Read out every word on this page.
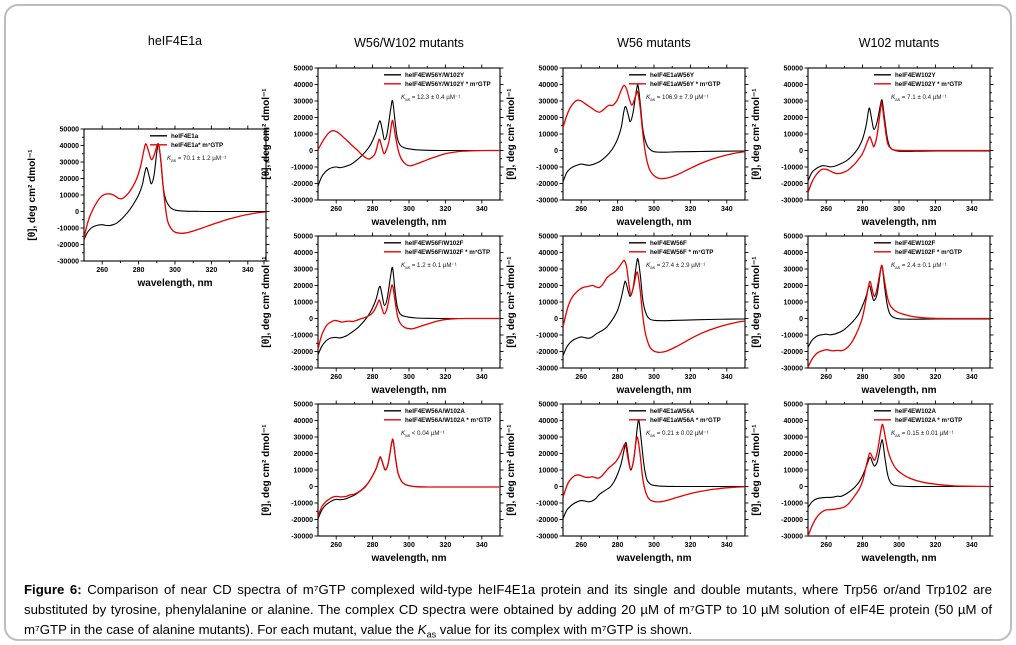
heIF4E1a	W56/W102 mutants	W56 mutants	W102 mutants
260	280	300	320	340
-30000
-20000
-10000
0
10000
20000
30000
40000
50000
wavelength, nm
[θ], deg cm² dmol⁻¹
heIF4E1a
heIF4E1a* m⁷GTP
$K_{as} = 70.1 \pm 1.2$ µM⁻¹
260	280	300	320	340
-30000
-20000
-10000
0
10000
20000
30000
40000
50000
wavelength, nm
[θ], deg cm² dmol⁻¹
heIF4EW56Y/W102Y
heIF4EW56Y/W102Y * m⁷GTP
$K_{as} = 12.3 \pm 0.4$ µM⁻¹
260	280	300	320	340
-30000
-20000
-10000
0
10000
20000
30000
40000
50000
wavelength, nm
[θ], deg cm² dmol⁻¹
heIF4EW56F/W102F
heIF4EW56F/W102F * m⁷GTP
$K_{as} = 1.2 \pm 0.1$ µM⁻¹
260	280	300	320	340
-30000
-20000
-10000
0
10000
20000
30000
40000
50000
wavelength, nm
[θ], deg cm² dmol⁻¹
heIF4EW56A/W102A
heIF4EW56A/W102A * m⁷GTP
$K_{as} < 0.04$ µM⁻¹
260	280	300	320	340
-30000
-20000
-10000
0
10000
20000
30000
40000
50000
wavelength, nm
[θ], deg cm² dmol⁻¹
heIF4E1aW56Y
heIF4E1aW56Y * m⁷GTP
$K_{as} = 106.9 \pm 7.9$ µM⁻¹
260	280	300	320	340
-30000
-20000
-10000
0
10000
20000
30000
40000
50000
wavelength, nm
[θ], deg cm² dmol⁻¹
heIF4EW56F
heIF4EW56F * m⁷GTP
$K_{as} = 27.4 \pm 2.9$ µM⁻¹
260	280	300	320	340
-30000
-20000
-10000
0
10000
20000
30000
40000
50000
wavelength, nm
[θ], deg cm² dmol⁻¹
heIF4E1aW56A
heIF4E1aW56A * m⁷GTP
$K_{as} = 0.21 \pm 0.02$ µM⁻¹
260	280	300	320	340
-30000
-20000
-10000
0
10000
20000
30000
40000
50000
wavelength, nm
[θ], deg cm² dmol⁻¹
heIF4EW102Y
heIF4EW102Y * m⁷GTP
$K_{as} = 7.1 \pm 0.4$ µM⁻¹
260	280	300	320	340
-30000
-20000
-10000
0
10000
20000
30000
40000
50000
wavelength, nm
[θ], deg cm² dmol⁻¹
heIF4EW102F
heIF4EW102F * m⁷GTP
$K_{as} = 2.4 \pm 0.1$ µM⁻¹
260	280	300	320	340
-30000
-20000
-10000
0
10000
20000
30000
40000
50000
wavelength, nm
[θ], deg cm² dmol⁻¹
heIF4EW102A
heIF4EW102A * m⁷GTP
$K_{as} = 0.15 \pm 0.01$ µM⁻¹

Figure 6: Comparison of near CD spectra of m⁷GTP complexed wild-type heIF4E1a protein and its single and double mutants, where Trp56 or/and Trp102 are substituted by tyrosine, phenylalanine or alanine. The complex CD spectra were obtained by adding 20 µM of m⁷GTP to 10 µM solution of eIF4E protein (50 µM of m⁷GTP in the case of alanine mutants). For each mutant, value the $K_{as}$ value for its complex with m⁷GTP is shown.
